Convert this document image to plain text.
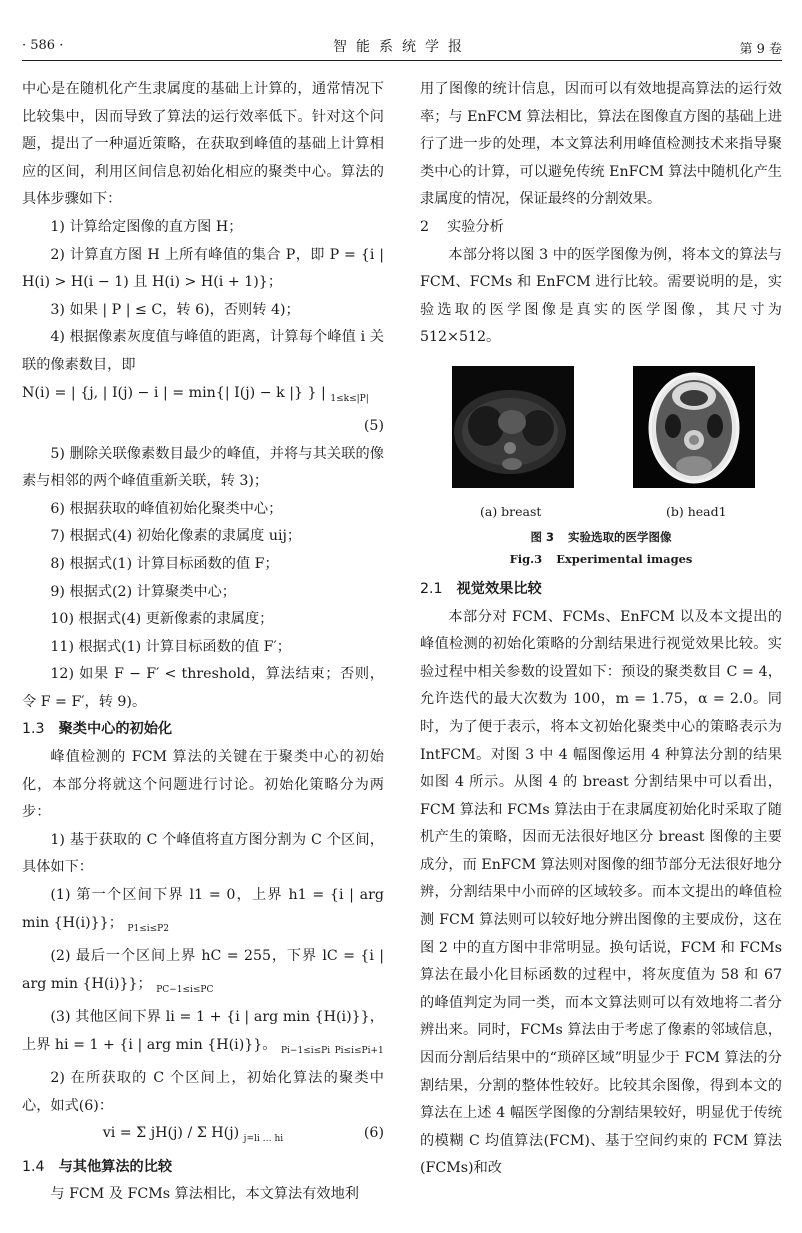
· 586 ·	智能系统学报	第 9 卷

中心是在随机化产生隶属度的基础上计算的，通常情况下比较集中，因而导致了算法的运行效率低下。针对这个问题，提出了一种逼近策略，在获取到峰值的基础上计算相应的区间，利用区间信息初始化相应的聚类中心。算法的具体步骤如下：

1) 计算给定图像的直方图 H；

2) 计算直方图 H 上所有峰值的集合 P，即 P = {i | H(i) > H(i − 1) 且 H(i) > H(i + 1)}；

3) 如果 | P | ≤ C，转 6)，否则转 4)；

4) 根据像素灰度值与峰值的距离，计算每个峰值 i 关联的像素数目，即

N(i) = | {j, | I(j) − i | = min{| I(j) − k |} } | $_{1\le k\le|P|}$

(5)

5) 删除关联像素数目最少的峰值，并将与其关联的像素与相邻的两个峰值重新关联，转 3)；

6) 根据获取的峰值初始化聚类中心；

7) 根据式(4) 初始化像素的隶属度 uij；

8) 根据式(1) 计算目标函数的值 F；

9) 根据式(2) 计算聚类中心；

10) 根据式(4) 更新像素的隶属度；

11) 根据式(1) 计算目标函数的值 F′；

12) 如果 F − F′ < threshold，算法结束；否则，令 F = F′，转 9)。

1.3 聚类中心的初始化

峰值检测的 FCM 算法的关键在于聚类中心的初始化，本部分将就这个问题进行讨论。初始化策略分为两步：

1) 基于获取的 C 个峰值将直方图分割为 C 个区间，具体如下：

(1) 第一个区间下界 l1 = 0，上界 h1 = {i | arg min {H(i)}}； $_{P1\le i\le P2}$

(2) 最后一个区间上界 hC = 255，下界 lC = {i | arg min {H(i)}}； $_{PC-1\le i\le PC}$

(3) 其他区间下界 li = 1 + {i | arg min {H(i)}}，上界 hi = 1 + {i | arg min {H(i)}}。 $_{Pi-1\le i\le Pi}$ $_{Pi\le i\le Pi+1}$

2) 在所获取的 C 个区间上，初始化算法的聚类中心，如式(6)：

vi = Σ jH(j) / Σ H(j) $_{j=li \dots hi}$	(6)

1.4 与其他算法的比较

与 FCM 及 FCMs 算法相比，本文算法有效地利

用了图像的统计信息，因而可以有效地提高算法的运行效率；与 EnFCM 算法相比，算法在图像直方图的基础上进行了进一步的处理，本文算法利用峰值检测技术来指导聚类中心的计算，可以避免传统 EnFCM 算法中随机化产生隶属度的情况，保证最终的分割效果。

2 实验分析

本部分将以图 3 中的医学图像为例，将本文的算法与 FCM、FCMs 和 EnFCM 进行比较。需要说明的是，实验选取的医学图像是真实的医学图像，其尺寸为 512×512。

(a) breast	(b) head1
图 3 实验选取的医学图像
Fig.3 Experimental images

2.1 视觉效果比较

本部分对 FCM、FCMs、EnFCM 以及本文提出的峰值检测的初始化策略的分割结果进行视觉效果比较。实验过程中相关参数的设置如下：预设的聚类数目 C = 4，允许迭代的最大次数为 100，m = 1.75，α = 2.0。同时，为了便于表示，将本文初始化聚类中心的策略表示为 IntFCM。对图 3 中 4 幅图像运用 4 种算法分割的结果如图 4 所示。从图 4 的 breast 分割结果中可以看出，FCM 算法和 FCMs 算法由于在隶属度初始化时采取了随机产生的策略，因而无法很好地区分 breast 图像的主要成分，而 EnFCM 算法则对图像的细节部分无法很好地分辨，分割结果中小而碎的区域较多。而本文提出的峰值检测 FCM 算法则可以较好地分辨出图像的主要成份，这在图 2 中的直方图中非常明显。换句话说，FCM 和 FCMs 算法在最小化目标函数的过程中，将灰度值为 58 和 67 的峰值判定为同一类，而本文算法则可以有效地将二者分辨出来。同时，FCMs 算法由于考虑了像素的邻域信息，因而分割后结果中的“琐碎区域”明显少于 FCM 算法的分割结果，分割的整体性较好。比较其余图像，得到本文的算法在上述 4 幅医学图像的分割结果较好，明显优于传统的模糊 C 均值算法(FCM)、基于空间约束的 FCM 算法(FCMs)和改
